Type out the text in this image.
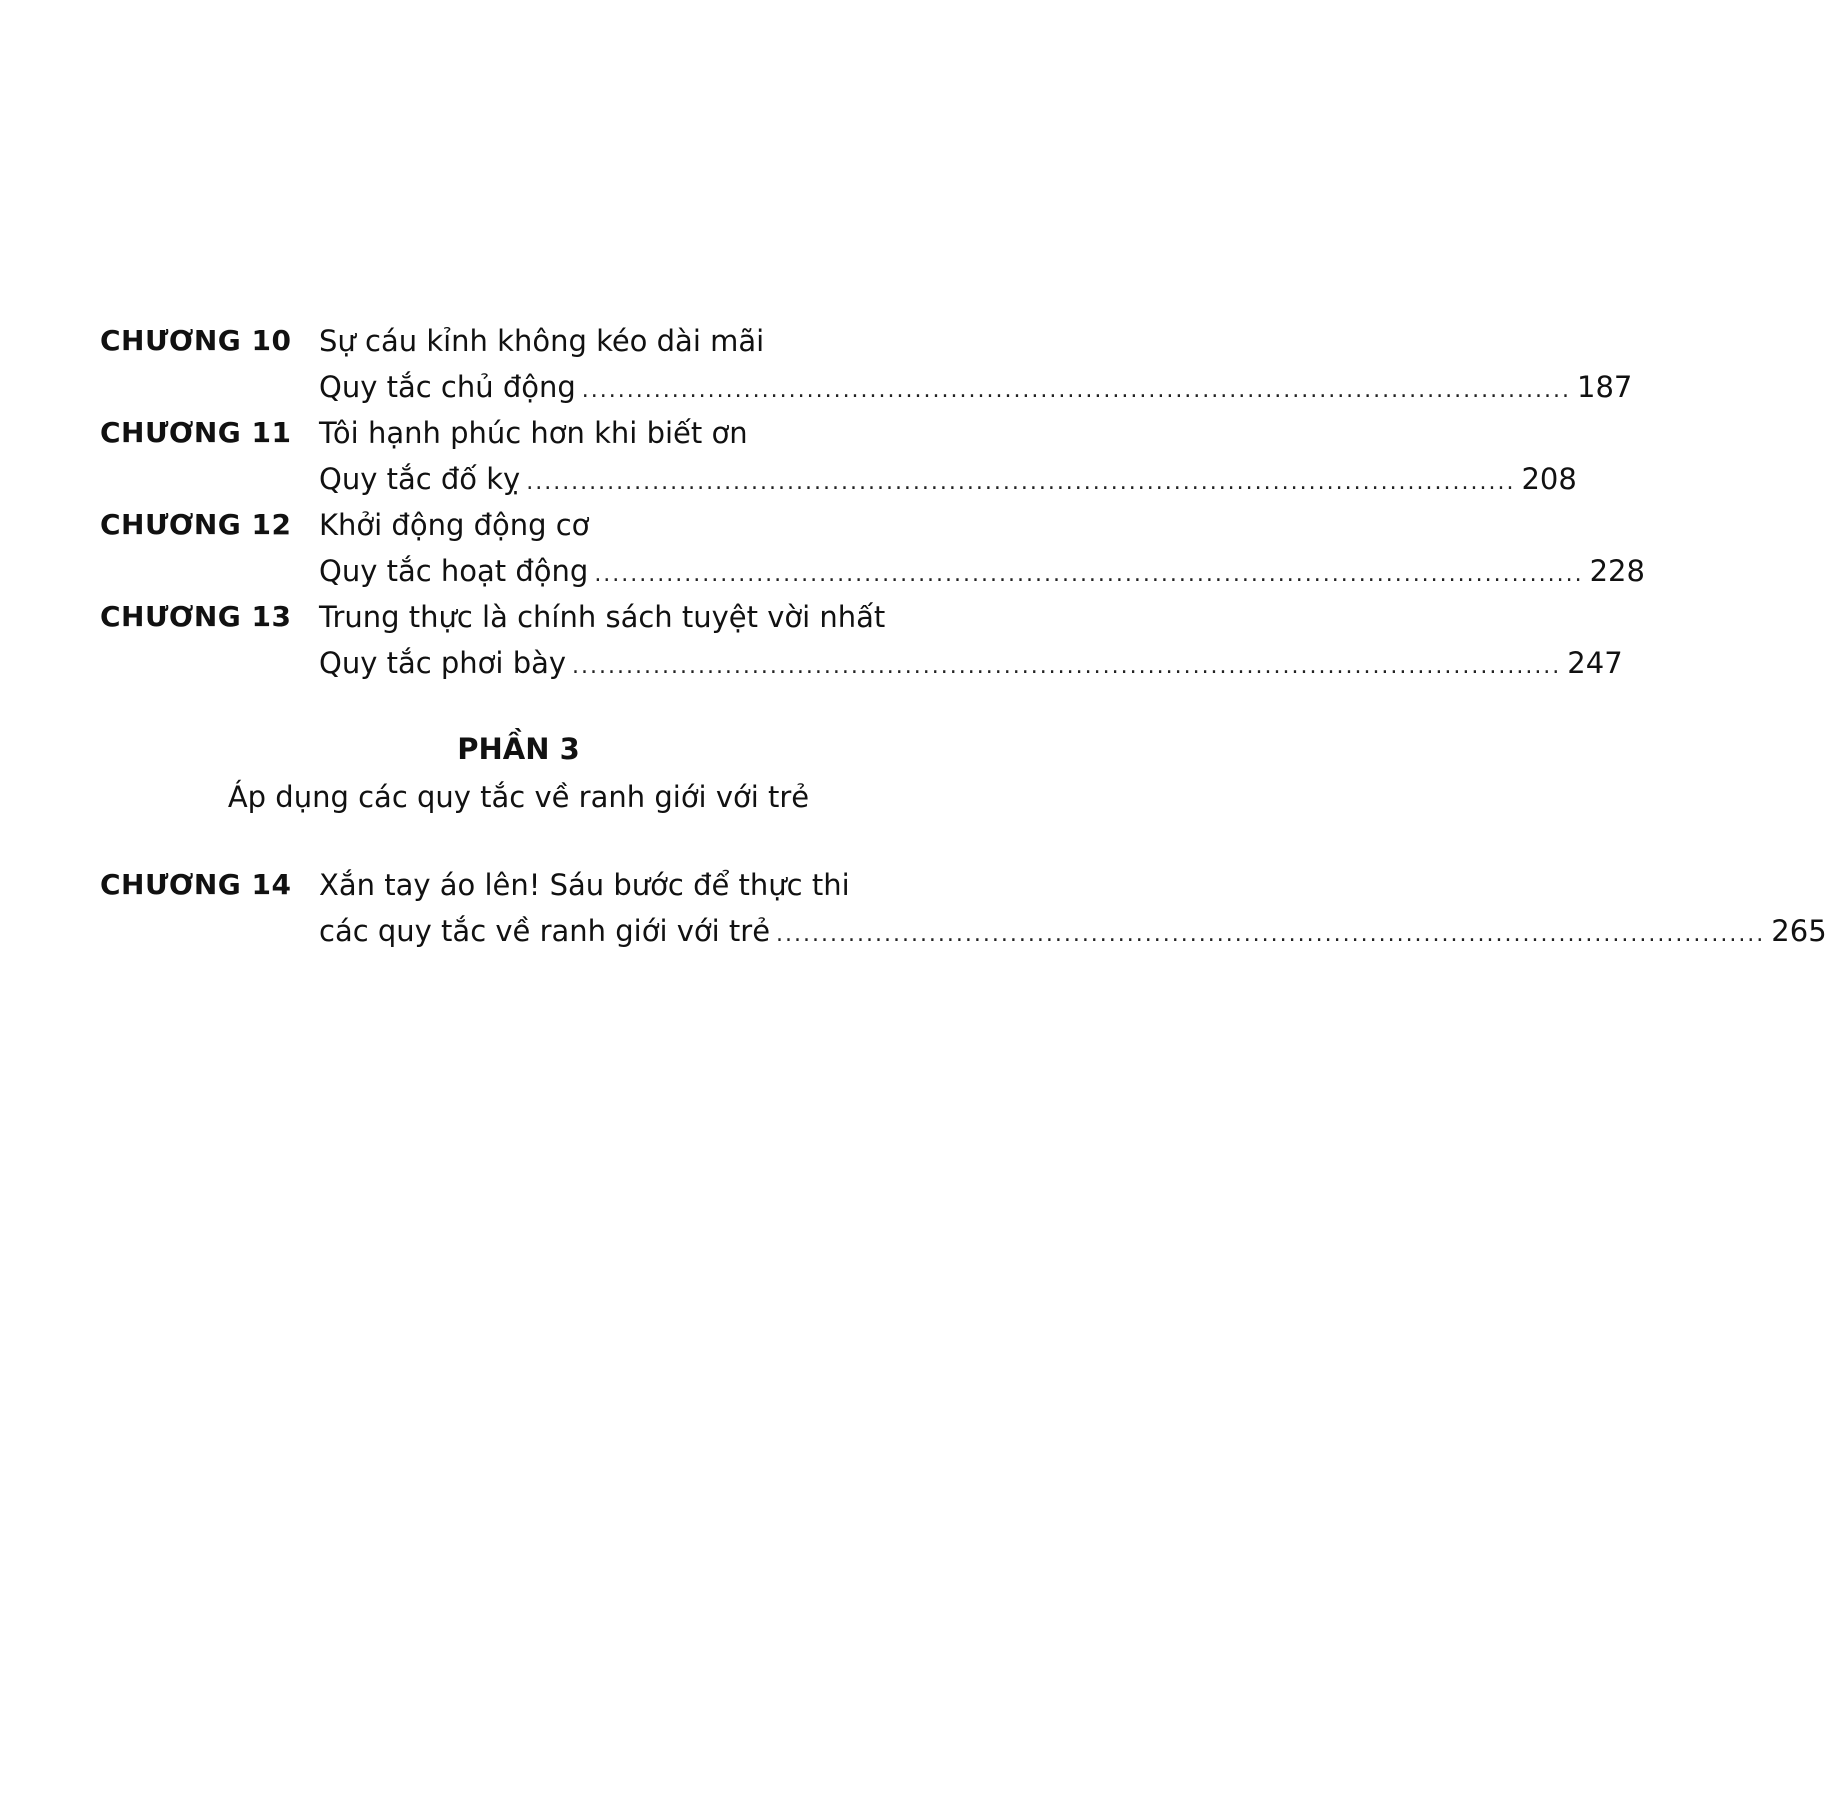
CHƯƠNG 10 Sự cáu kỉnh không kéo dài mãi
Quy tắc chủ động .............................................................................................................. 187
CHƯƠNG 11 Tôi hạnh phúc hơn khi biết ơn
Quy tắc đố kỵ .............................................................................................................. 208
CHƯƠNG 12 Khởi động động cơ
Quy tắc hoạt động .............................................................................................................. 228
CHƯƠNG 13 Trung thực là chính sách tuyệt vời nhất
Quy tắc phơi bày .............................................................................................................. 247
PHẦN 3
Áp dụng các quy tắc về ranh giới với trẻ
CHƯƠNG 14 Xắn tay áo lên! Sáu bước để thực thi
các quy tắc về ranh giới với trẻ .............................................................................................................. 265
